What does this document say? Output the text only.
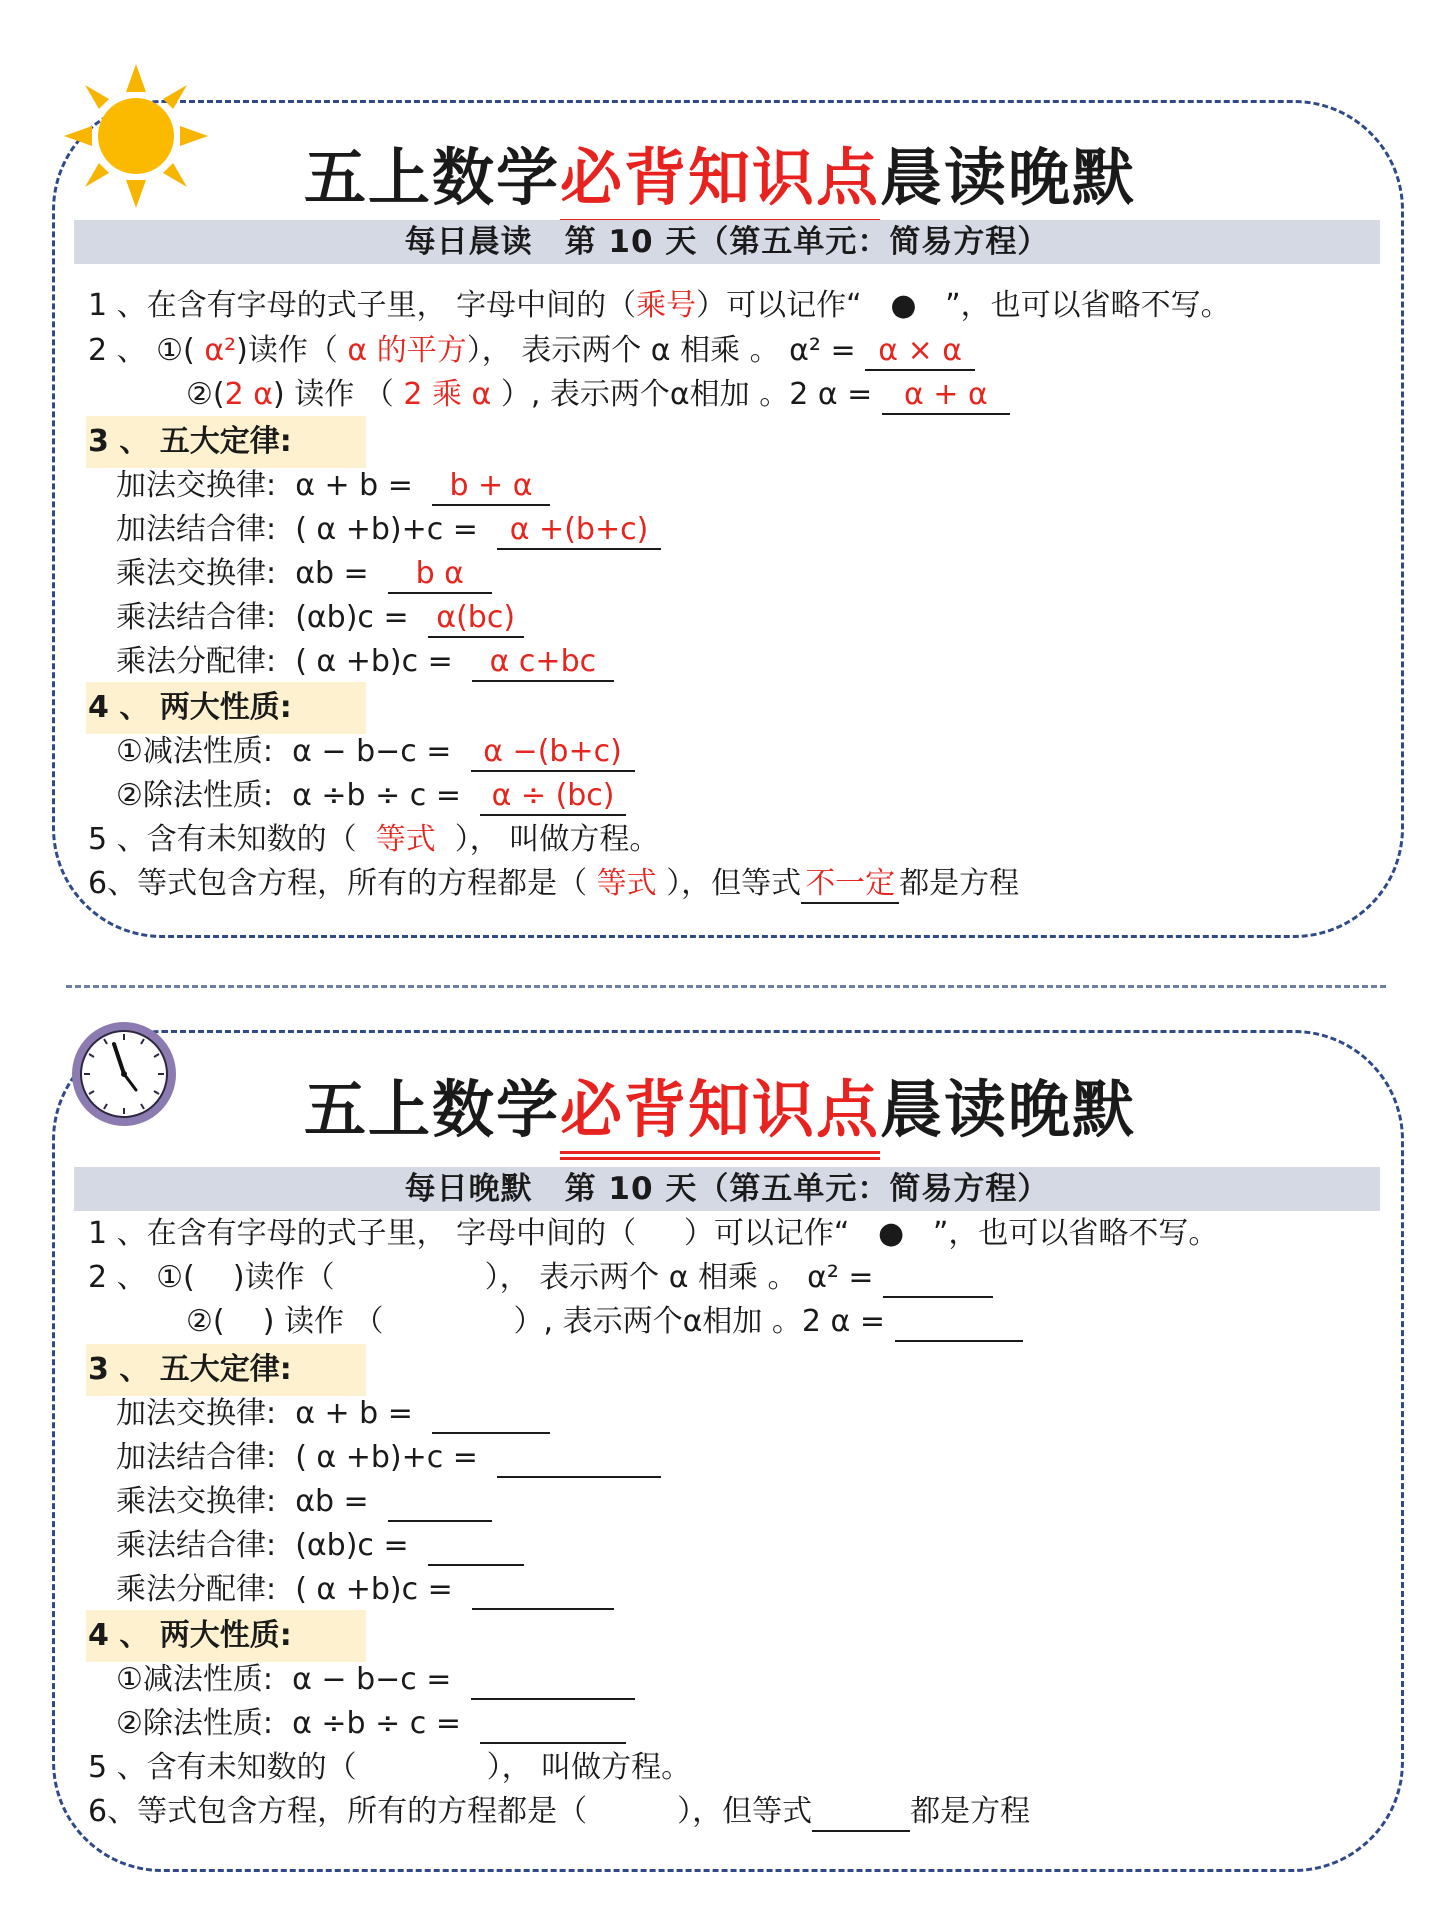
五上数学必背知识点晨读晚默
每日晨读　第 10 天（第五单元：简易方程）
1 、在含有字母的式子里， 字母中间的（乘号）可以记作“ ● ”，也可以省略不写。
2 、 ①( α²)读作（ α 的平方）， 表示两个 α 相乘 。 α² = α × α
②(2 α) 读作 （ 2 乘 α ）, 表示两个α相加 。2 α = α + α
3 、 五大定律:
加法交换律: α + b = b + α
加法结合律: ( α +b)+c = α +(b+c)
乘法交换律: αb = b α
乘法结合律: (αb)c = α(bc)
乘法分配律: ( α +b)c = α c+bc
4 、 两大性质:
①减法性质: α − b−c = α −(b+c)
②除法性质: α ÷b ÷ c = α ÷ (bc)
5 、含有未知数的（ 等式 ）， 叫做方程。
6、等式包含方程，所有的方程都是（ 等式 ），但等式 不一定 都是方程
五上数学必背知识点晨读晚默
每日晚默　第 10 天（第五单元：简易方程）
1 、在含有字母的式子里， 字母中间的（ ）可以记作“ ● ”，也可以省略不写。
2 、 ①( )读作（	）， 表示两个 α 相乘 。 α² =
②( ) 读作 （	）, 表示两个α相加 。2 α =
3 、 五大定律:
加法交换律: α + b =
加法结合律: ( α +b)+c =
乘法交换律: αb =
乘法结合律: (αb)c =
乘法分配律: ( α +b)c =
4 、 两大性质:
①减法性质: α − b−c =
②除法性质: α ÷b ÷ c =
5 、含有未知数的（	）， 叫做方程。
6、等式包含方程，所有的方程都是（	），但等式	都是方程
